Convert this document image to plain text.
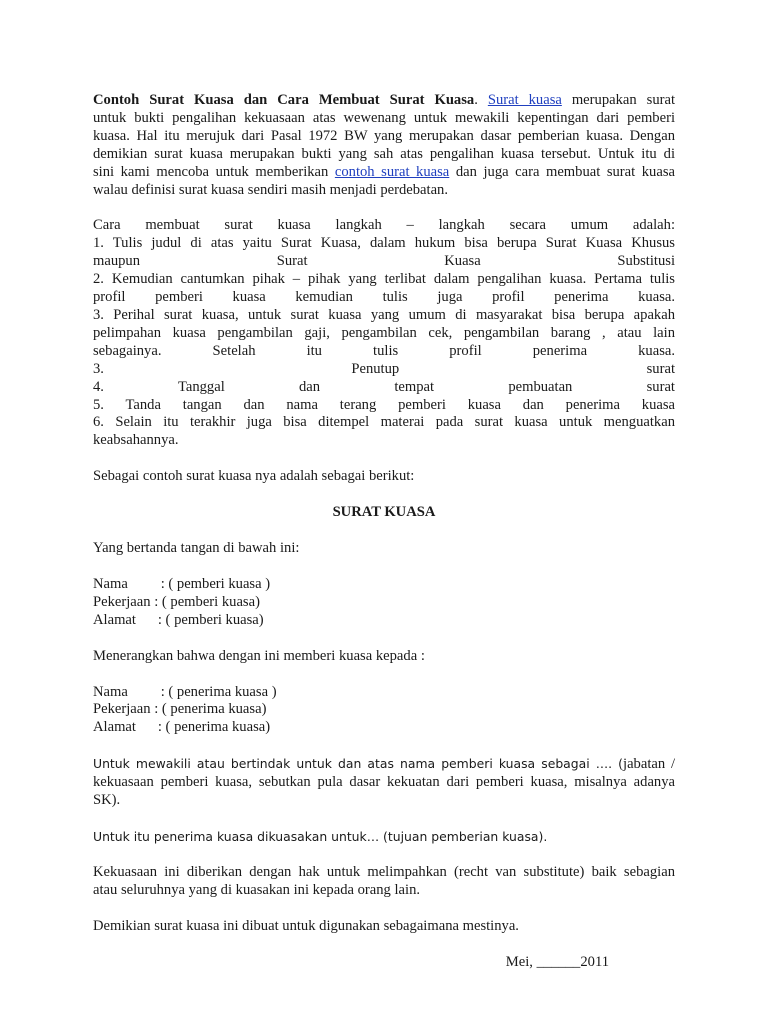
Contoh Surat Kuasa dan Cara Membuat Surat Kuasa. Surat kuasa merupakan surat

untuk bukti pengalihan kekuasaan atas wewenang untuk mewakili kepentingan dari pemberi

kuasa. Hal itu merujuk dari Pasal 1972 BW yang merupakan dasar pemberian kuasa. Dengan

demikian surat kuasa merupakan bukti yang sah atas pengalihan kuasa tersebut. Untuk itu di

sini kami mencoba untuk memberikan contoh surat kuasa dan juga cara membuat surat kuasa

walau definisi surat kuasa sendiri masih menjadi perdebatan.

Cara membuat surat kuasa langkah – langkah secara umum adalah:

1. Tulis judul di atas yaitu Surat Kuasa, dalam hukum bisa berupa Surat Kuasa Khusus

maupun Surat Kuasa Substitusi

2. Kemudian cantumkan pihak – pihak yang terlibat dalam pengalihan kuasa. Pertama tulis

profil pemberi kuasa kemudian tulis juga profil penerima kuasa.

3. Perihal surat kuasa, untuk surat kuasa yang umum di masyarakat bisa berupa apakah

pelimpahan kuasa pengambilan gaji, pengambilan cek, pengambilan barang , atau lain

sebagainya. Setelah itu tulis profil penerima kuasa.

3. Penutup surat

4. Tanggal dan tempat pembuatan surat

5. Tanda tangan dan nama terang pemberi kuasa dan penerima kuasa

6. Selain itu terakhir juga bisa ditempel materai pada surat kuasa untuk menguatkan

keabsahannya.

Sebagai contoh surat kuasa nya adalah sebagai berikut:

SURAT KUASA

Yang bertanda tangan di bawah ini:

Nama : ( pemberi kuasa )
Pekerjaan : ( pemberi kuasa)
Alamat : ( pemberi kuasa)

Menerangkan bahwa dengan ini memberi kuasa kepada :

Nama : ( penerima kuasa )
Pekerjaan : ( penerima kuasa)
Alamat : ( penerima kuasa)

Untuk mewakili atau bertindak untuk dan atas nama pemberi kuasa sebagai …. (jabatan /

kekuasaan pemberi kuasa, sebutkan pula dasar kekuatan dari pemberi kuasa, misalnya adanya

SK).

Untuk itu penerima kuasa dikuasakan untuk… (tujuan pemberian kuasa).

Kekuasaan ini diberikan dengan hak untuk melimpahkan (recht van substitute) baik sebagian

atau seluruhnya yang di kuasakan ini kepada orang lain.

Demikian surat kuasa ini dibuat untuk digunakan sebagaimana mestinya.

Mei, ______2011
